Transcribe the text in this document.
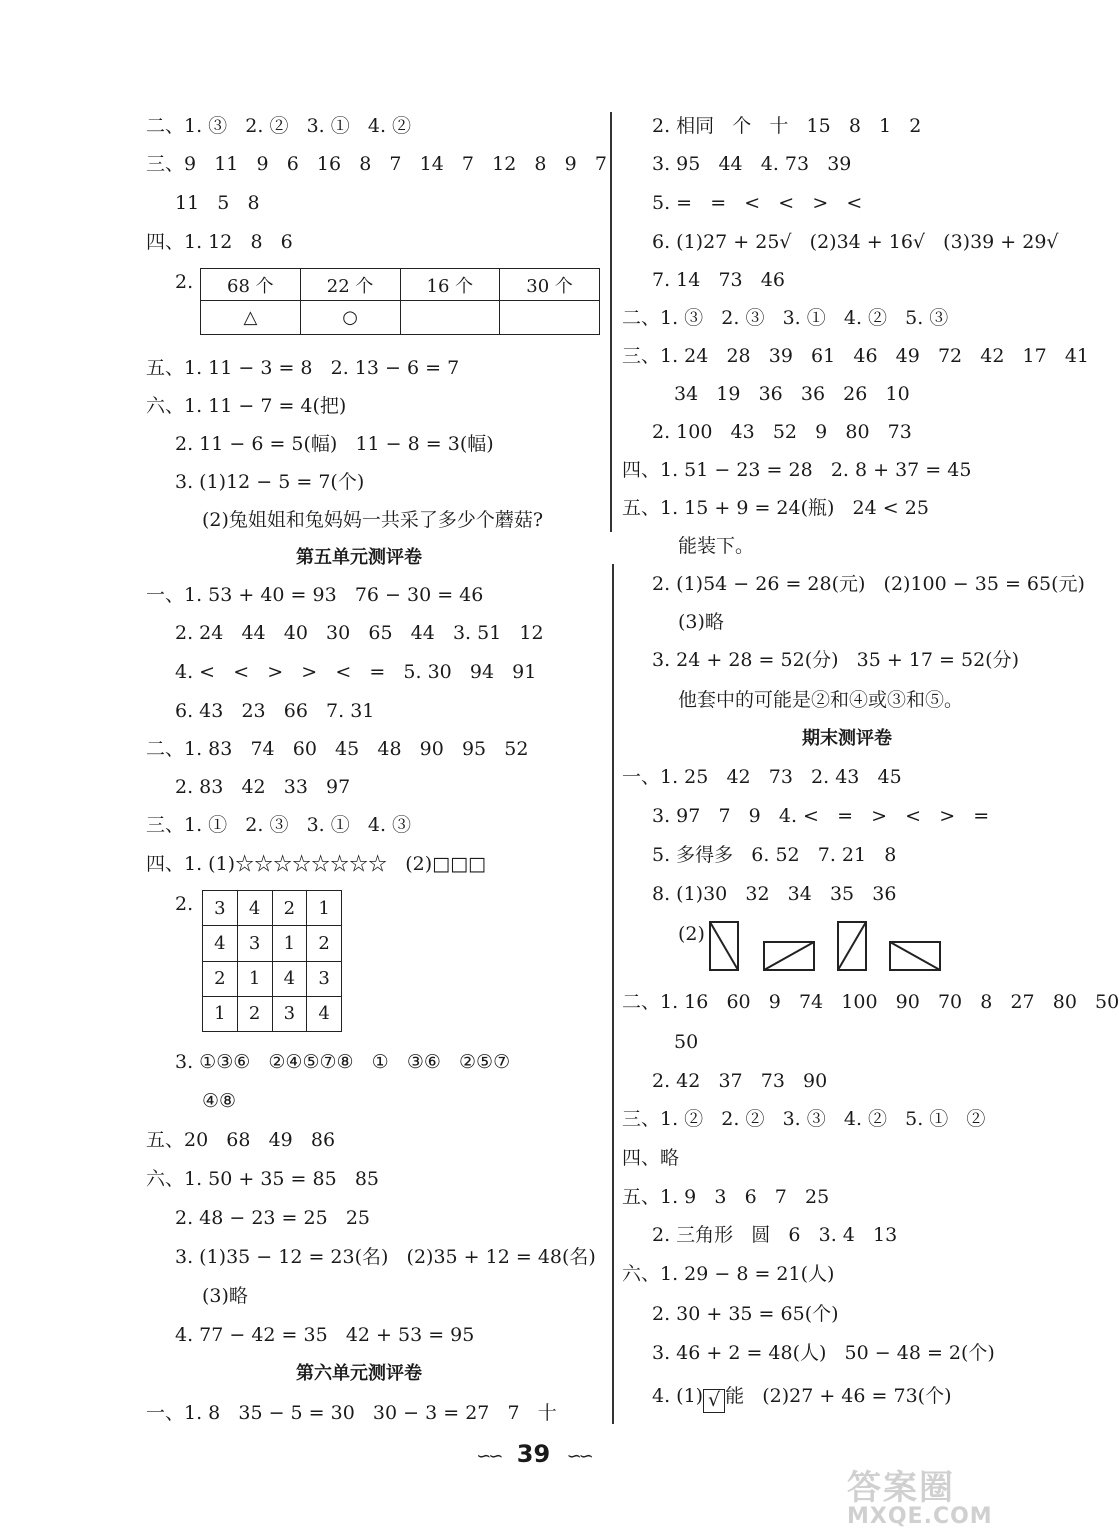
二、1. ③   2. ②   3. ①   4. ②
三、9   11   9   6   16   8   7   14   7   12   8   9   7
11   5   8
四、1. 12   8   6
2. 68 个	22 个	16 个	30 个
△	○		
五、1. 11 − 3 = 8   2. 13 − 6 = 7
六、1. 11 − 7 = 4(把)
2. 11 − 6 = 5(幅)   11 − 8 = 3(幅)
3. (1)12 − 5 = 7(个)
(2)兔姐姐和兔妈妈一共采了多少个蘑菇?
第五单元测评卷
一、1. 53 + 40 = 93   76 − 30 = 46
2. 24   44   40   30   65   44   3. 51   12
4. <   <   >   >   <   =   5. 30   94   91
6. 43   23   66   7. 31
二、1. 83   74   60   45   48   90   95   52
2. 83   42   33   97
三、1. ①   2. ③   3. ①   4. ③
四、1. (1)☆☆☆☆☆☆☆☆   (2)□□□
2. 3	4	2	1
4	3	1	2
2	1	4	3
1	2	3	4
3. ①③⑥   ②④⑤⑦⑧   ①   ③⑥   ②⑤⑦
④⑧
五、20   68   49   86
六、1. 50 + 35 = 85   85
2. 48 − 23 = 25   25
3. (1)35 − 12 = 23(名)   (2)35 + 12 = 48(名)
(3)略
4. 77 − 42 = 35   42 + 53 = 95
第六单元测评卷
一、1. 8   35 − 5 = 30   30 − 3 = 27   7   十
2. 相同   个   十   15   8   1   2
3. 95   44   4. 73   39
5. =   =   <   <   >   <
6. (1)27 + 25√   (2)34 + 16√   (3)39 + 29√
7. 14   73   46
二、1. ③   2. ③   3. ①   4. ②   5. ③
三、1. 24   28   39   61   46   49   72   42   17   41
34   19   36   36   26   10
2. 100   43   52   9   80   73
四、1. 51 − 23 = 28   2. 8 + 37 = 45
五、1. 15 + 9 = 24(瓶)   24 < 25
能装下。
2. (1)54 − 26 = 28(元)   (2)100 − 35 = 65(元)
(3)略
3. 24 + 28 = 52(分)   35 + 17 = 52(分)
他套中的可能是②和④或③和⑤。
期末测评卷
一、1. 25   42   73   2. 43   45
3. 97   7   9   4. <   =   >   <   >   =
5. 多得多   6. 52   7. 21   8
8. (1)30   32   34   35   36
(2)
二、1. 16   60   9   74   100   90   70   8   27   80   50
50
2. 42   37   73   90
三、1. ②   2. ②   3. ③   4. ②   5. ①   ②
四、略
五、1. 9   3   6   7   25
2. 三角形   圆   6   3. 4   13
六、1. 29 − 8 = 21(人)
2. 30 + 35 = 65(个)
3. 46 + 2 = 48(人)   50 − 48 = 2(个)
4. (1) √ 能   (2)27 + 46 = 73(个)
∽∽ 39 ∽∽
答案圈
MXQE.COM
